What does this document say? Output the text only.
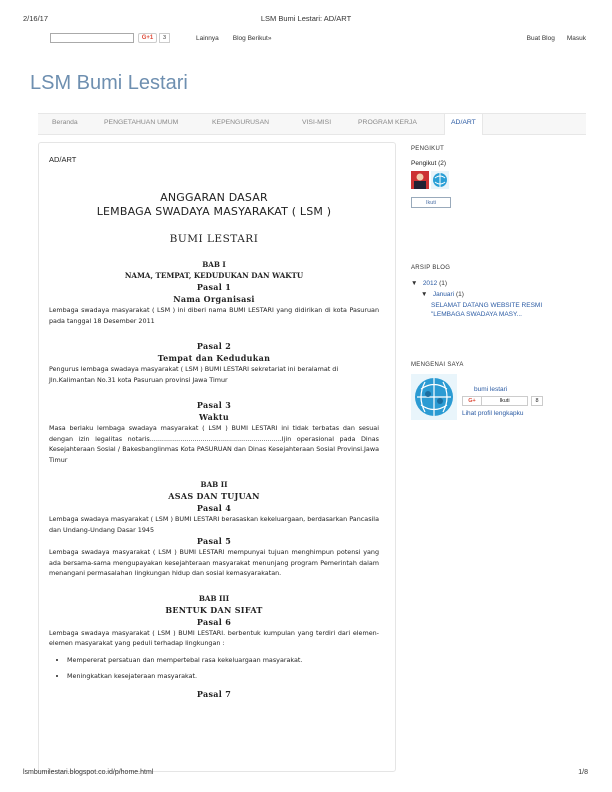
2/16/17	LSM Bumi Lestari: AD/ART
G+1	3	Lainnya Blog Berikut»	Buat Blog Masuk
LSM Bumi Lestari
Beranda	PENGETAHUAN UMUM	KEPENGURUSAN	VISI-MISI	PROGRAM KERJA	AD/ART
AD/ART
ANGGARAN DASAR
LEMBAGA SWADAYA MASYARAKAT ( LSM )
BUMI LESTARI
BAB I
NAMA, TEMPAT, KEDUDUKAN DAN WAKTU
Pasal 1
Nama Organisasi
Lembaga swadaya masyarakat ( LSM ) ini diberi nama BUMI LESTARI yang didirikan di kota Pasuruan pada tanggal 18 Desember 2011
Pasal 2
Tempat dan Kedudukan
Pengurus lembaga swadaya masyarakat ( LSM ) BUMI LESTARI sekretariat ini beralamat di
Jln.Kalimantan No.31 kota Pasuruan provinsi Jawa Timur
Pasal 3
Waktu
Masa berlaku lembaga swadaya masyarakat ( LSM ) BUMI LESTARI ini tidak terbatas dan sesuai dengan izin legalitas notaris.................................................................Ijin operasional pada Dinas Kesejahteraan Sosial / Bakesbanglinmas Kota PASURUAN dan Dinas Kesejahteraan Sosial Provinsi.Jawa Timur
BAB II
ASAS DAN TUJUAN
Pasal 4
Lembaga swadaya masyarakat ( LSM ) BUMI LESTARI berasaskan kekeluargaan, berdasarkan Pancasila dan Undang-Undang Dasar 1945
Pasal 5
Lembaga swadaya masyarakat ( LSM ) BUMI LESTARI mempunyai tujuan menghimpun potensi yang ada bersama-sama mengupayakan kesejahteraan masyarakat menunjang program Pemerintah dalam menangani permasalahan lingkungan hidup dan sosial kemasyarakatan.
BAB III
BENTUK DAN SIFAT
Pasal 6
Lembaga swadaya masyarakat ( LSM ) BUMI LESTARI. berbentuk kumpulan yang terdiri dari elemen-elemen masyarakat yang peduli terhadap lingkungan :
• Mempererat persatuan dan mempertebal rasa kekeluargaan masyarakat.
• Meningkatkan kesejateraan masyarakat.
Pasal 7
PENGIKUT
Pengikut (2)
Ikuti
ARSIP BLOG
▼ 2012 (1)
▼ Januari (1)
SELAMAT DATANG WEBSITE RESMI "LEMBAGA SWADAYA MASY...
MENGENAI SAYA
bumi lestari
G+	Ikuti	8
Lihat profil lengkapku
lsmbumilestari.blogspot.co.id/p/home.html	1/8
